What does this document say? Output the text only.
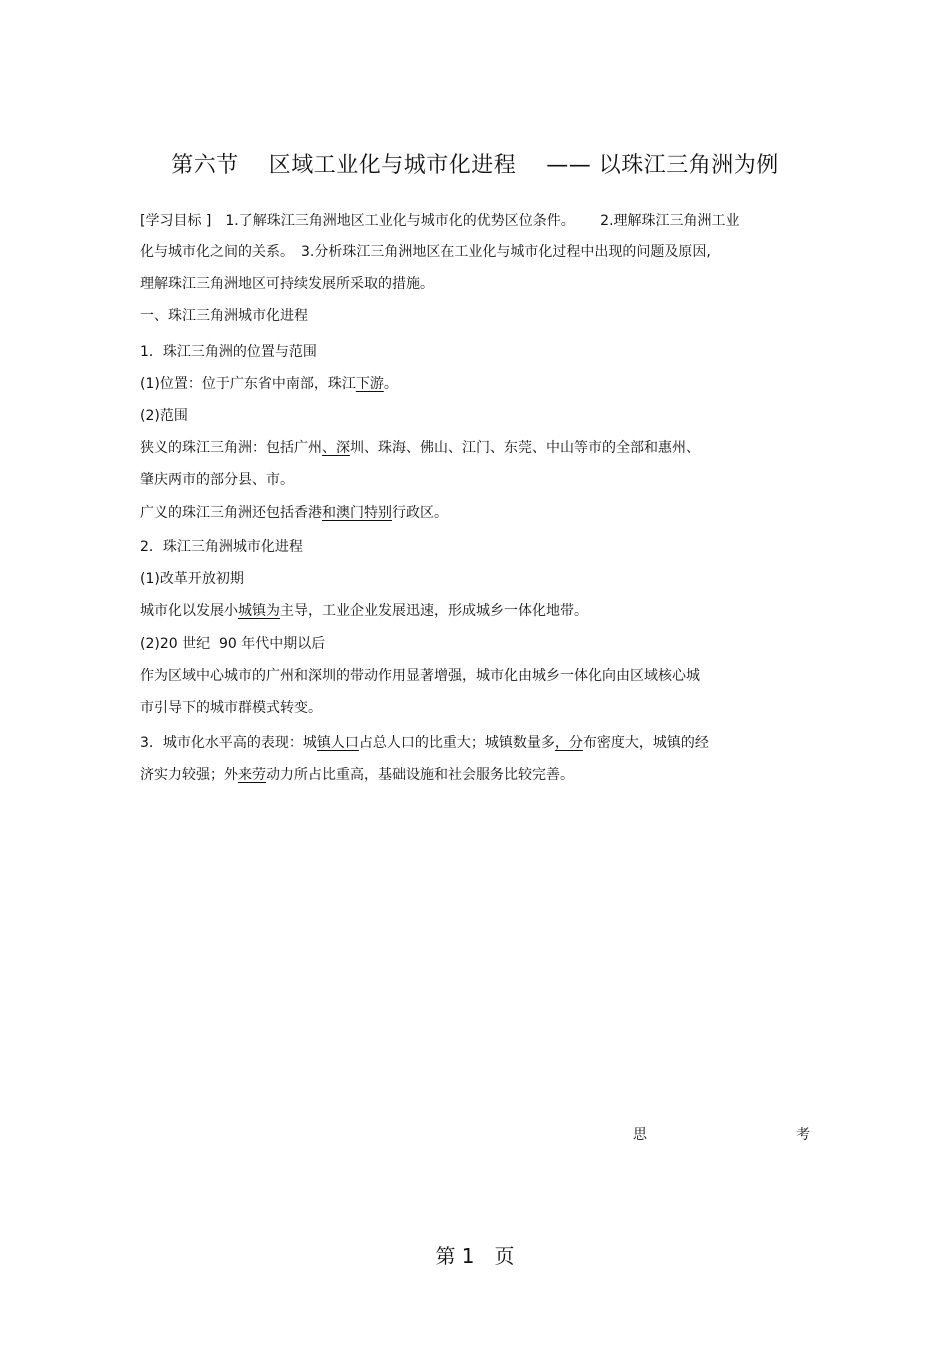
第六节　 区域工业化与城市化进程　 —— 以珠江三角洲为例
[学习目标 ]　1.了解珠江三角洲地区工业化与城市化的优势区位条件。　　 2.理解珠江三角洲工业
化与城市化之间的关系。　3.分析珠江三角洲地区在工业化与城市化过程中出现的问题及原因,
理解珠江三角洲地区可持续发展所采取的措施。
一、珠江三角洲城市化进程
1．珠江三角洲的位置与范围
(1)位置：位于广东省中南部，珠江下游。
(2)范围
狭义的珠江三角洲：包括广州、深圳、珠海、佛山、江门、东莞、中山等市的全部和惠州、
肇庆两市的部分县、市。
广义的珠江三角洲还包括香港和澳门特别行政区。
2．珠江三角洲城市化进程
(1)改革开放初期
城市化以发展小城镇为主导，工业企业发展迅速，形成城乡一体化地带。
(2)20 世纪  90 年代中期以后
作为区域中心城市的广州和深圳的带动作用显著增强，城市化由城乡一体化向由区域核心城
市引导下的城市群模式转变。
3．城市化水平高的表现：城镇人口占总人口的比重大；城镇数量多，分布密度大，城镇的经
济实力较强；外来劳动力所占比重高，基础设施和社会服务比较完善。
思	考
第 1　页
